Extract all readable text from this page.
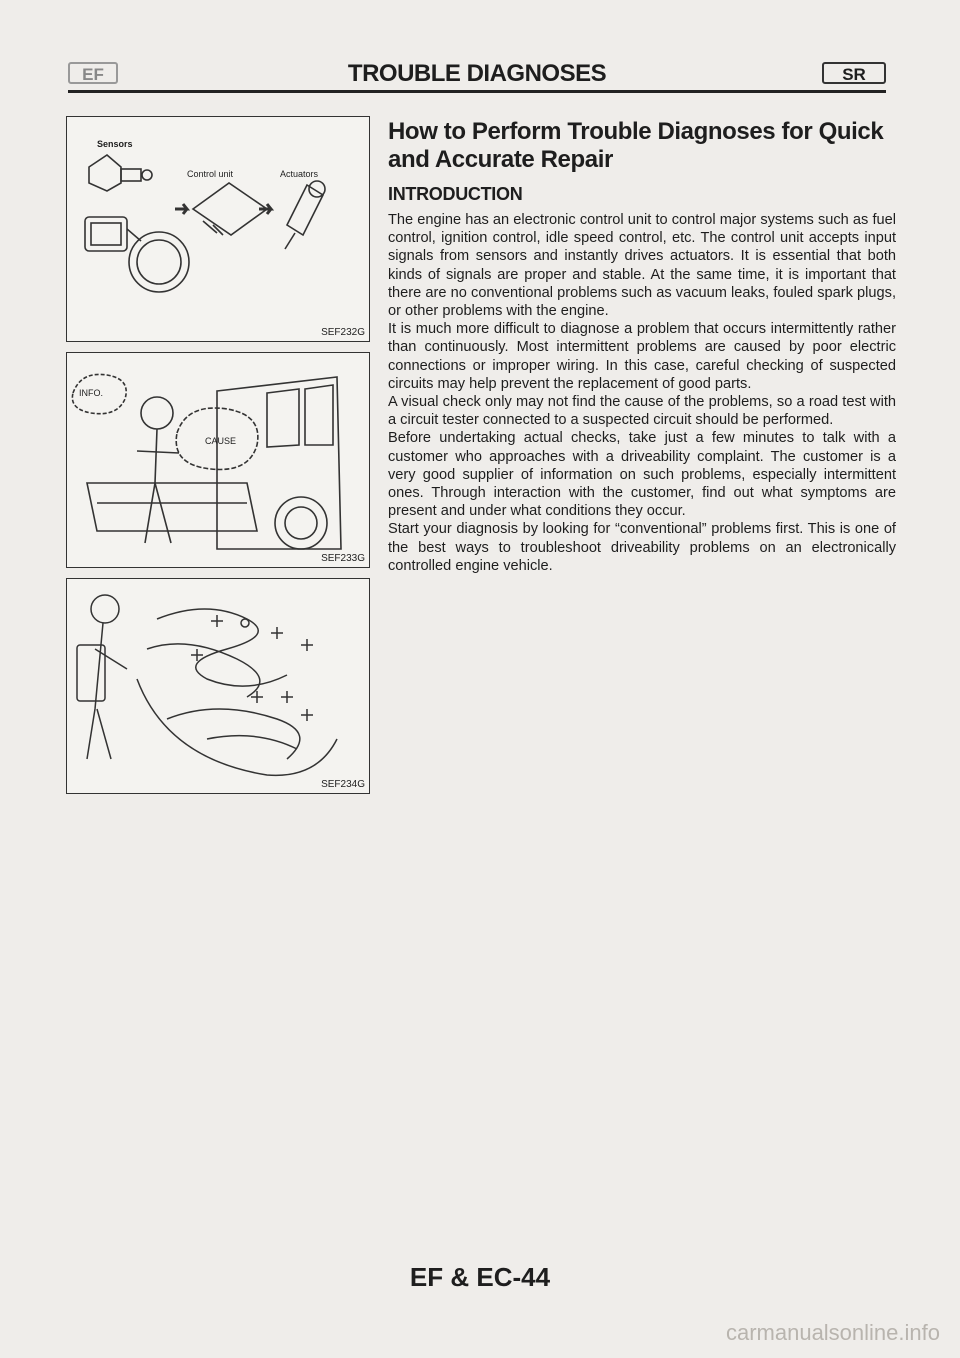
EF	TROUBLE DIAGNOSES	SR
Sensors
Control unit	Actuators
SEF232G
INFO.
CAUSE
SEF233G
SEF234G
How to Perform Trouble Diagnoses for Quick and Accurate Repair
INTRODUCTION

The engine has an electronic control unit to control major systems such as fuel control, ignition control, idle speed control, etc. The control unit accepts input signals from sensors and instantly drives actuators. It is essential that both kinds of signals are proper and stable. At the same time, it is important that there are no conventional problems such as vacuum leaks, fouled spark plugs, or other problems with the engine.

It is much more difficult to diagnose a problem that occurs intermittently rather than continuously. Most intermittent problems are caused by poor electric connections or improper wiring. In this case, careful checking of suspected circuits may help prevent the replacement of good parts.

A visual check only may not find the cause of the problems, so a road test with a circuit tester connected to a suspected circuit should be performed.

Before undertaking actual checks, take just a few minutes to talk with a customer who approaches with a driveability complaint. The customer is a very good supplier of information on such problems, especially intermittent ones. Through interaction with the customer, find out what symptoms are present and under what conditions they occur.

Start your diagnosis by looking for “conventional” problems first. This is one of the best ways to troubleshoot driveability problems on an electronically controlled engine vehicle.

EF & EC-44
carmanualsonline.info
